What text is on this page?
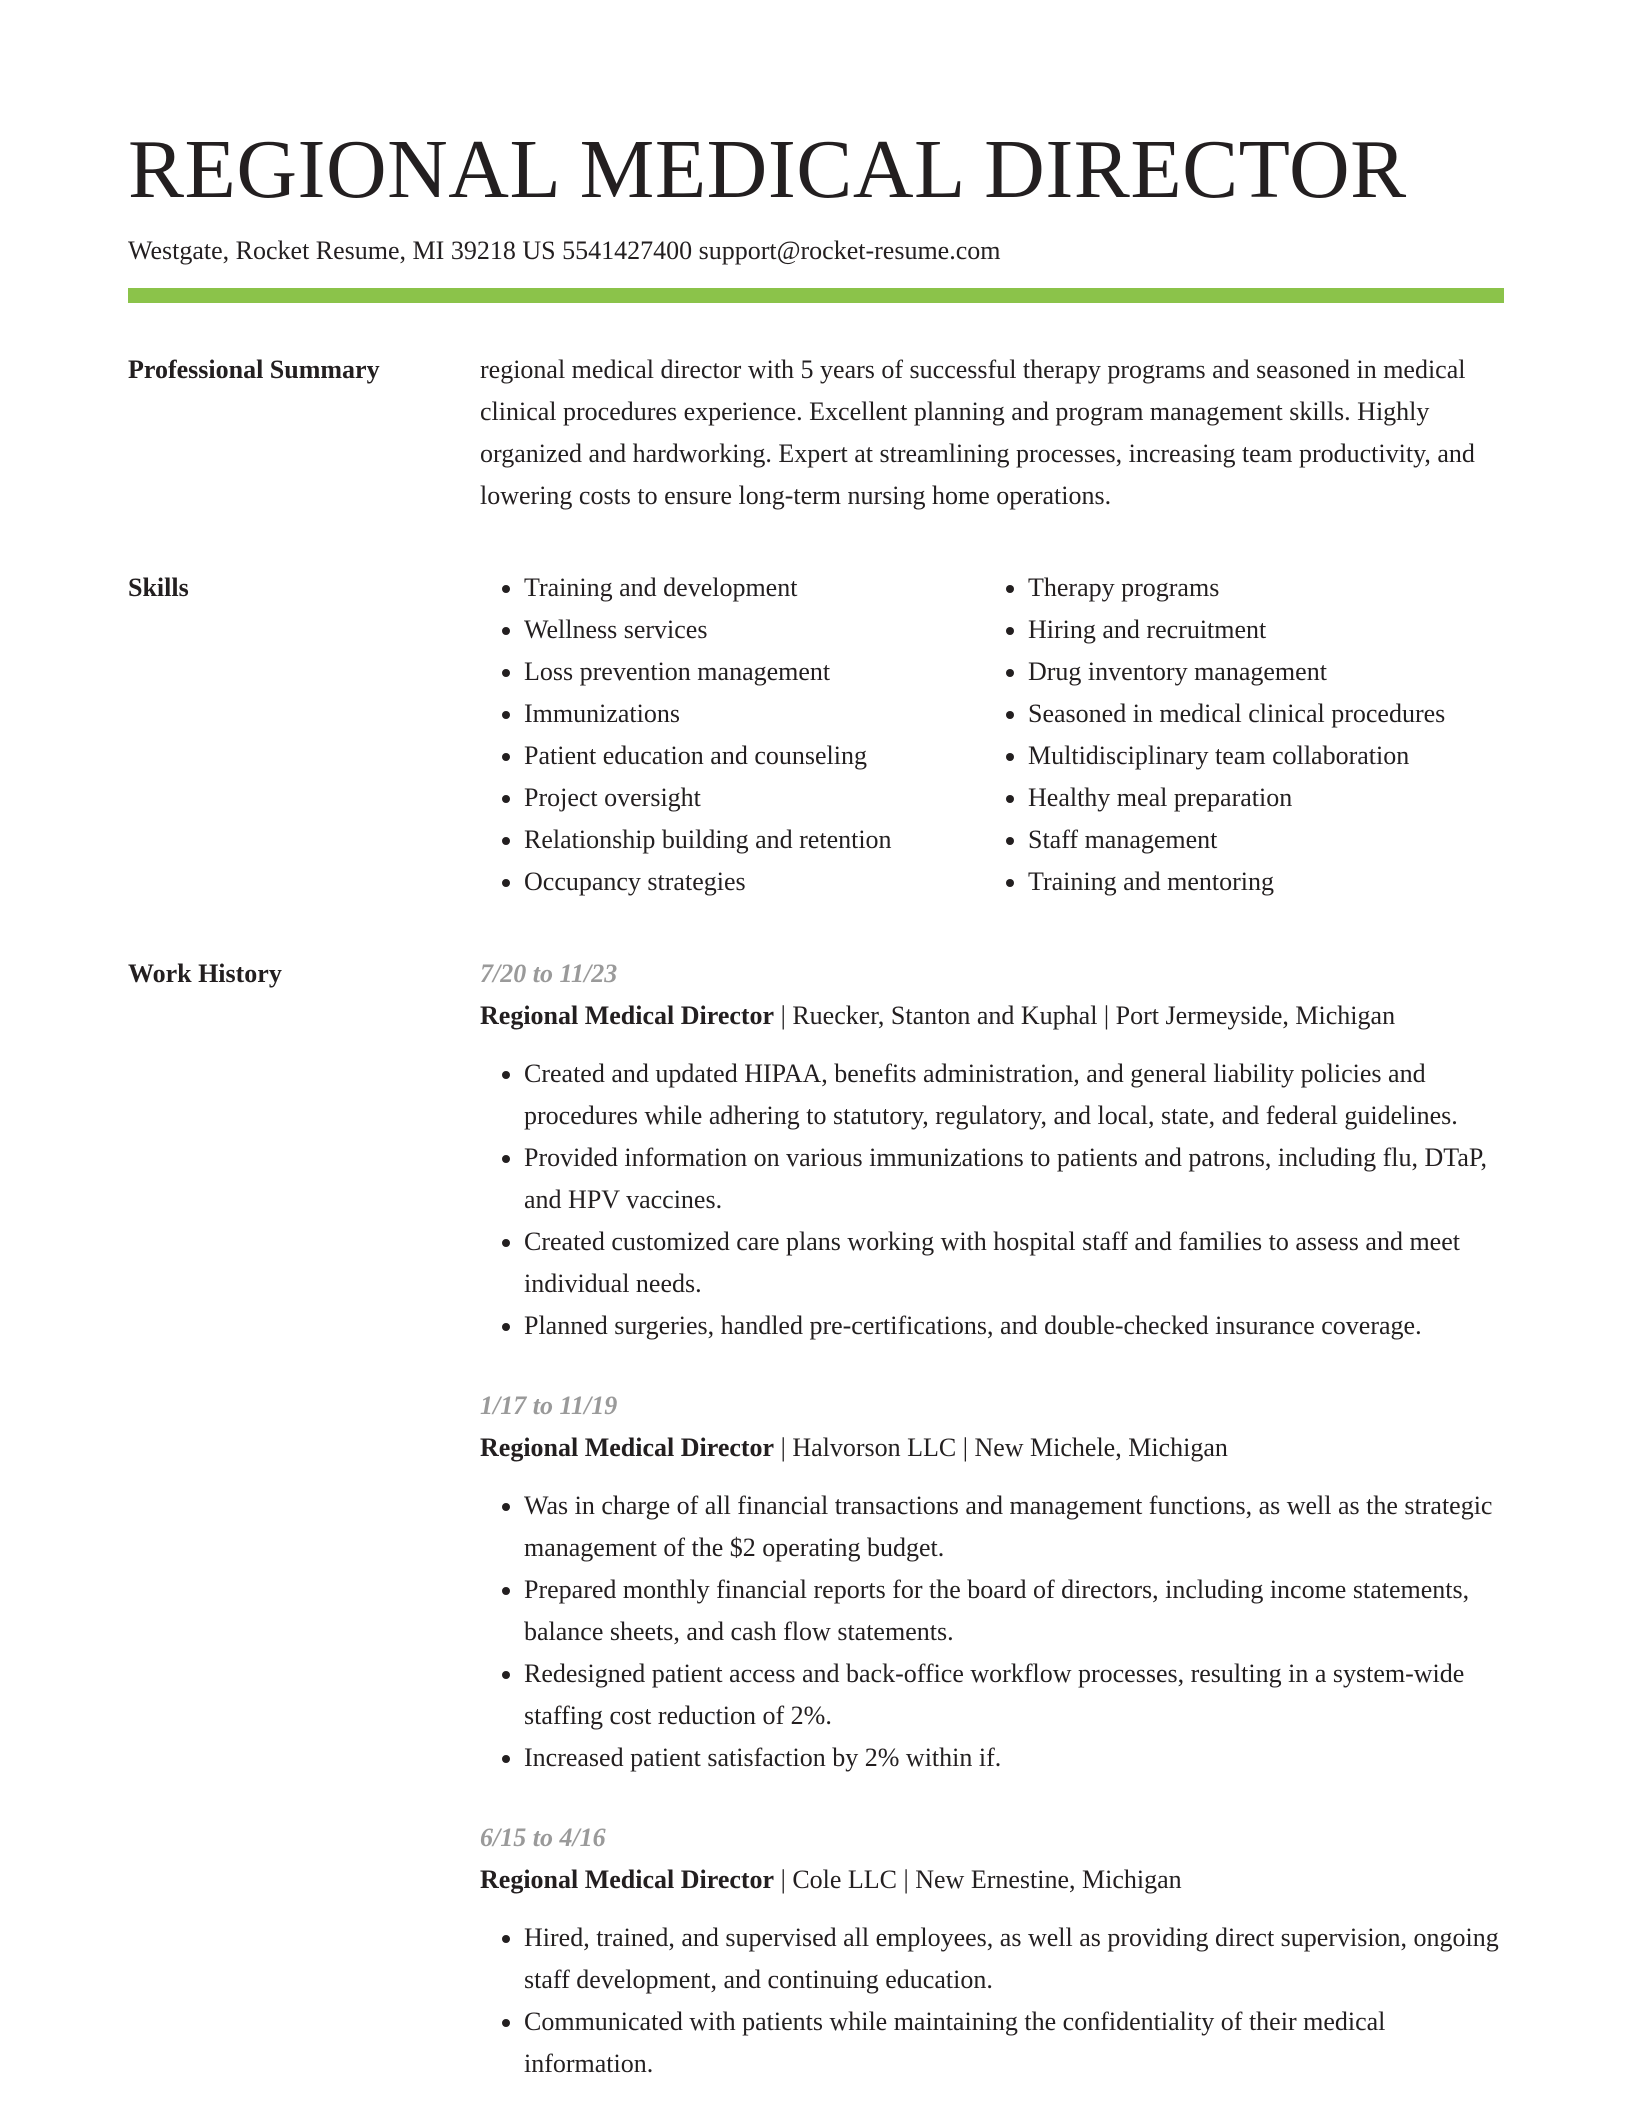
REGIONAL MEDICAL DIRECTOR
Westgate, Rocket Resume, MI 39218 US 5541427400 support@rocket-resume.com
Professional Summary	regional medical director with 5 years of successful therapy programs and seasoned in medical clinical procedures experience. Excellent planning and program management skills. Highly organized and hardworking. Expert at streamlining processes, increasing team productivity, and lowering costs to ensure long-term nursing home operations.

Skills
•	Training and development
• Wellness services
• Loss prevention management
• Immunizations
• Patient education and counseling
• Project oversight
• Relationship building and retention
• Occupancy strategies
• Therapy programs
• Hiring and recruitment
• Drug inventory management
• Seasoned in medical clinical procedures
• Multidisciplinary team collaboration
• Healthy meal preparation
• Staff management
• Training and mentoring
Work History	7/20 to 11/23
Regional Medical Director | Ruecker, Stanton and Kuphal | Port Jermeyside, Michigan
• Created and updated HIPAA, benefits administration, and general liability policies and procedures while adhering to statutory, regulatory, and local, state, and federal guidelines.
• Provided information on various immunizations to patients and patrons, including flu, DTaP, and HPV vaccines.
• Created customized care plans working with hospital staff and families to assess and meet individual needs.
• Planned surgeries, handled pre-certifications, and double-checked insurance coverage.
1/17 to 11/19
Regional Medical Director | Halvorson LLC | New Michele, Michigan
• Was in charge of all financial transactions and management functions, as well as the strategic management of the $2 operating budget.
• Prepared monthly financial reports for the board of directors, including income statements, balance sheets, and cash flow statements.
• Redesigned patient access and back-office workflow processes, resulting in a system-wide staffing cost reduction of 2%.
• Increased patient satisfaction by 2% within if.
6/15 to 4/16
Regional Medical Director | Cole LLC | New Ernestine, Michigan
• Hired, trained, and supervised all employees, as well as providing direct supervision, ongoing staff development, and continuing education.
• Communicated with patients while maintaining the confidentiality of their medical information.
